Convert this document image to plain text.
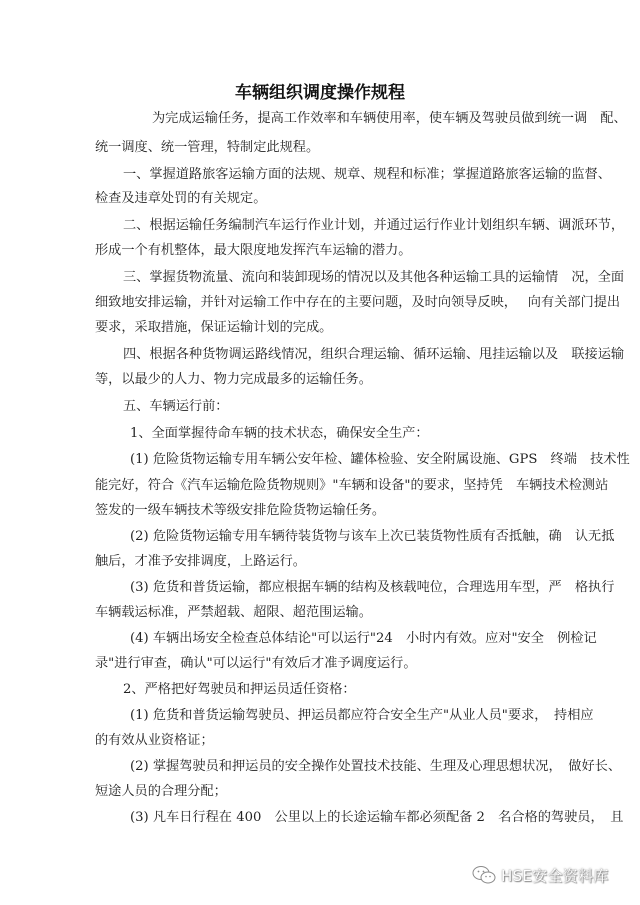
车辆组织调度操作规程
为完成运输任务，提高工作效率和车辆使用率，使车辆及驾驶员做到统一调　配、
统一调度、统一管理，特制定此规程。
一、掌握道路旅客运输方面的法规、规章、规程和标准；掌握道路旅客运输的监督、
检查及违章处罚的有关规定。
二、根据运输任务编制汽车运行作业计划，并通过运行作业计划组织车辆、调派环节，
形成一个有机整体，最大限度地发挥汽车运输的潜力。
三、掌握货物流量、流向和装卸现场的情况以及其他各种运输工具的运输情　况，全面
细致地安排运输，并针对运输工作中存在的主要问题，及时向领导反映，　 向有关部门提出
要求，采取措施，保证运输计划的完成。
四、根据各种货物调运路线情况，组织合理运输、循环运输、甩挂运输以及　联接运输
等，以最少的人力、物力完成最多的运输任务。
五、车辆运行前：
1、全面掌握待命车辆的技术状态，确保安全生产：
(1) 危险货物运输专用车辆公安年检、罐体检验、安全附属设施、GPS　终端　技术性
能完好，符合《汽车运输危险货物规则》"车辆和设备"的要求，坚持凭　车辆技术检测站
签发的一级车辆技术等级安排危险货物运输任务。
(2) 危险货物运输专用车辆待装货物与该车上次已装货物性质有否抵触，确　认无抵
触后，才准予安排调度，上路运行。
(3) 危货和普货运输，都应根据车辆的结构及核载吨位，合理选用车型，严　格执行
车辆载运标准，严禁超载、超限、超范围运输。
(4) 车辆出场安全检查总体结论"可以运行"24　小时内有效。应对"安全　例检记
录"进行审查，确认"可以运行"有效后才准予调度运行。
2、严格把好驾驶员和押运员适任资格：
(1) 危货和普货运输驾驶员、押运员都应符合安全生产"从业人员"要求，　持相应
的有效从业资格证；
(2) 掌握驾驶员和押运员的安全操作处置技术技能、生理及心理思想状况，　做好长、
短途人员的合理分配；
(3) 凡车日行程在 400　公里以上的长途运输车都必须配备 2　名合格的驾驶员，　且
HSE安全资料库
